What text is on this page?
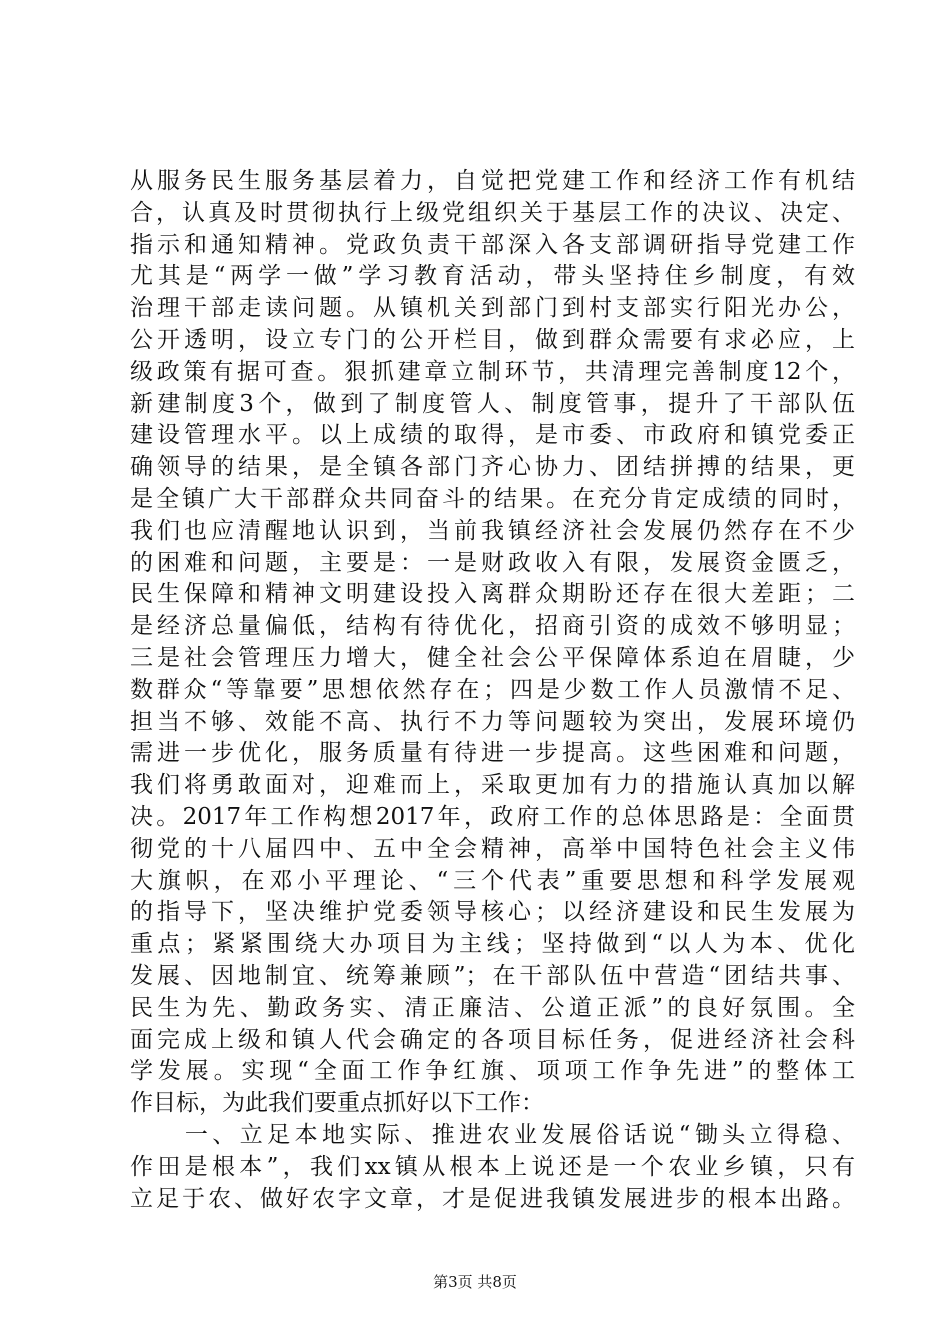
从服务民生服务基层着力，自觉把党建工作和经济工作有机结
合，认真及时贯彻执行上级党组织关于基层工作的决议、决定、
指示和通知精神。党政负责干部深入各支部调研指导党建工作
尤其是“两学一做”学习教育活动，带头坚持住乡制度，有效
治理干部走读问题。从镇机关到部门到村支部实行阳光办公，
公开透明，设立专门的公开栏目，做到群众需要有求必应，上
级政策有据可查。狠抓建章立制环节，共清理完善制度12个，
新建制度3个，做到了制度管人、制度管事，提升了干部队伍
建设管理水平。以上成绩的取得，是市委、市政府和镇党委正
确领导的结果，是全镇各部门齐心协力、团结拼搏的结果，更
是全镇广大干部群众共同奋斗的结果。在充分肯定成绩的同时，
我们也应清醒地认识到，当前我镇经济社会发展仍然存在不少
的困难和问题，主要是：一是财政收入有限，发展资金匮乏，
民生保障和精神文明建设投入离群众期盼还存在很大差距；二
是经济总量偏低，结构有待优化，招商引资的成效不够明显；
三是社会管理压力增大，健全社会公平保障体系迫在眉睫，少
数群众“等靠要”思想依然存在；四是少数工作人员激情不足、
担当不够、效能不高、执行不力等问题较为突出，发展环境仍
需进一步优化，服务质量有待进一步提高。这些困难和问题，
我们将勇敢面对，迎难而上，采取更加有力的措施认真加以解
决。2017年工作构想2017年，政府工作的总体思路是：全面贯
彻党的十八届四中、五中全会精神，高举中国特色社会主义伟
大旗帜，在邓小平理论、“三个代表”重要思想和科学发展观
的指导下，坚决维护党委领导核心；以经济建设和民生发展为
重点；紧紧围绕大办项目为主线；坚持做到“以人为本、优化
发展、因地制宜、统筹兼顾”；在干部队伍中营造“团结共事、
民生为先、勤政务实、清正廉洁、公道正派”的良好氛围。全
面完成上级和镇人代会确定的各项目标任务，促进经济社会科
学发展。实现“全面工作争红旗、项项工作争先进”的整体工
作目标，为此我们要重点抓好以下工作：
　　一、立足本地实际、推进农业发展俗话说“锄头立得稳、
作田是根本”，我们xx镇从根本上说还是一个农业乡镇，只有
立足于农、做好农字文章，才是促进我镇发展进步的根本出路。
第3页 共8页
